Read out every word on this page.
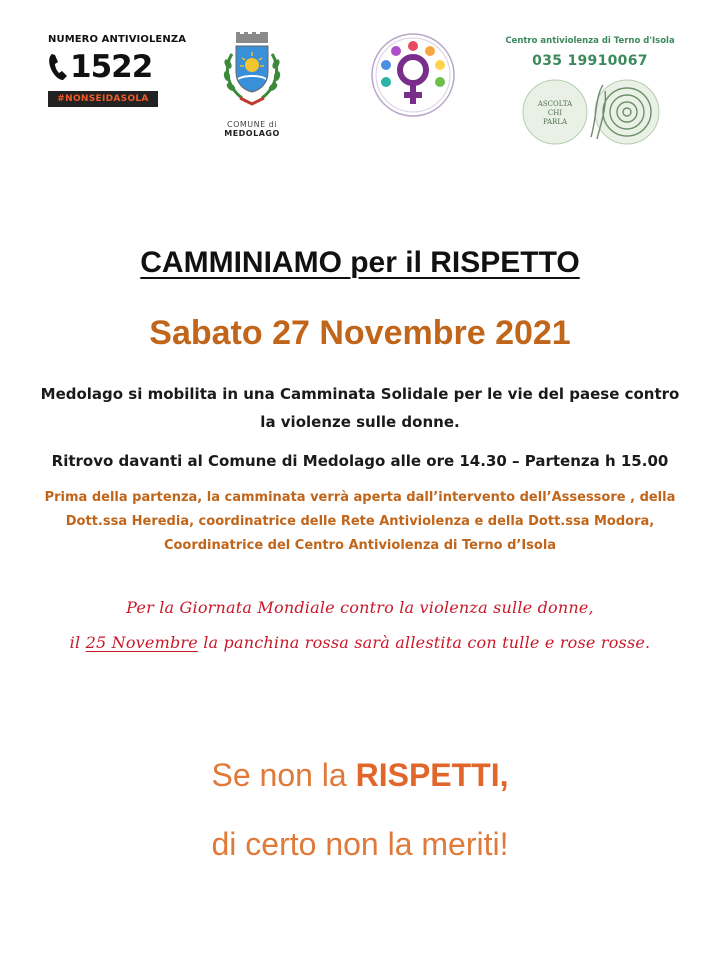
NUMERO ANTIVIOLENZA
1522
#NONSEIDASOLA
COMUNE di
MEDOLAGO
Centro antiviolenza di Terno d'Isola
035 19910067
ASCOLTA
CHI
PARLA
CAMMINIAMO per il RISPETTO
Sabato 27 Novembre 2021
Medolago si mobilita in una Camminata Solidale per le vie del paese contro
la violenze sulle donne.
Ritrovo davanti al Comune di Medolago alle ore 14.30 – Partenza h 15.00
Prima della partenza, la camminata verrà aperta dall’intervento dell’Assessore , della
Dott.ssa Heredia, coordinatrice delle Rete Antiviolenza e della Dott.ssa Modora,
Coordinatrice del Centro Antiviolenza di Terno d’Isola
Per la Giornata Mondiale contro la violenza sulle donne,
il 25 Novembre la panchina rossa sarà allestita con tulle e rose rosse.
Se non la RISPETTI,
di certo non la meriti!
